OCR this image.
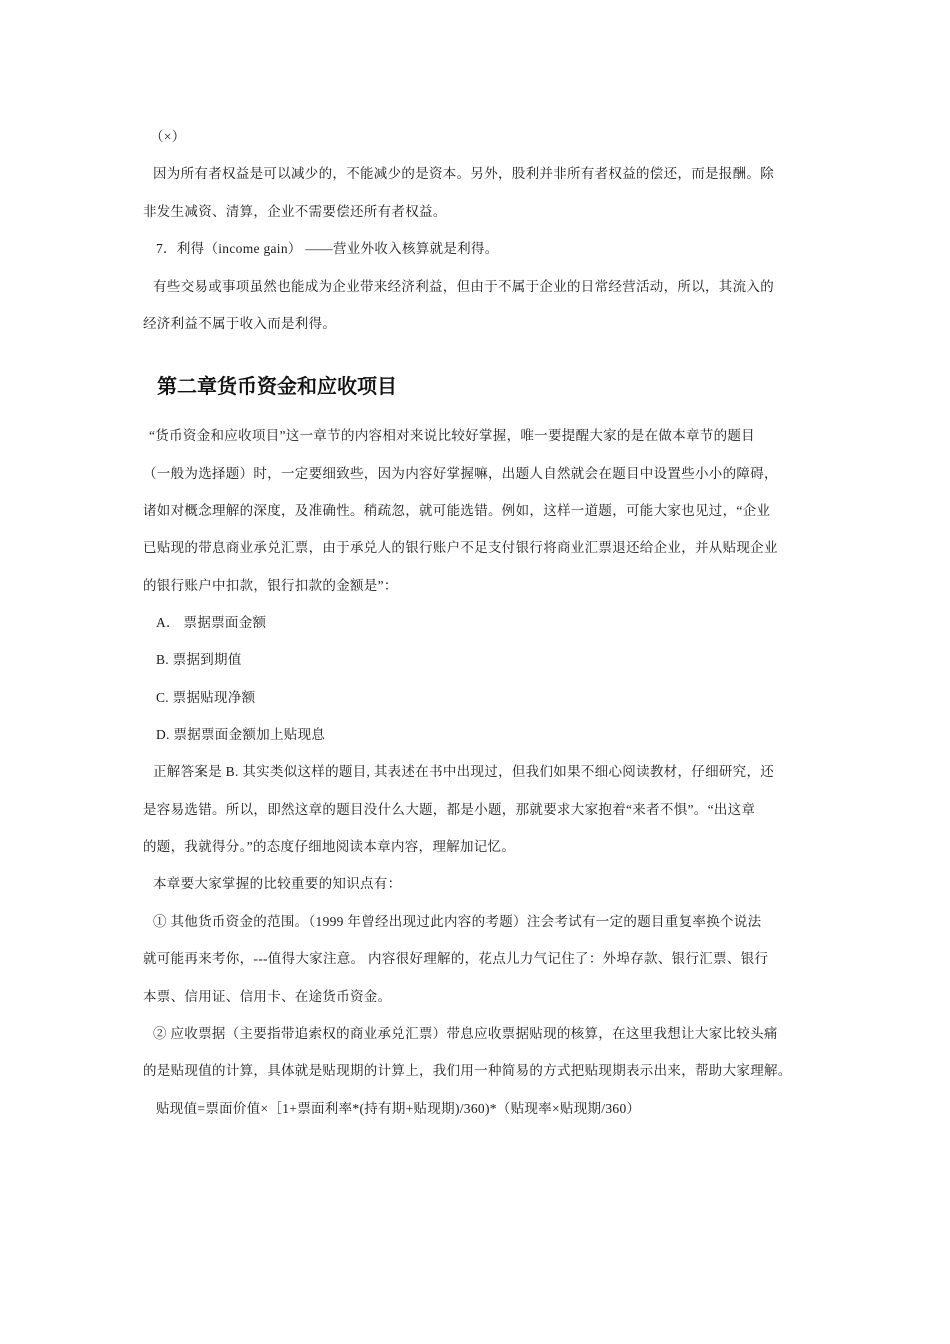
（×）
因为所有者权益是可以减少的，不能减少的是资本。另外，股利并非所有者权益的偿还，而是报酬。除
非发生减资、清算，企业不需要偿还所有者权益。
7．利得（income gain） ——营业外收入核算就是利得。
有些交易或事项虽然也能成为企业带来经济利益，但由于不属于企业的日常经营活动，所以，其流入的
经济利益不属于收入而是利得。
第二章货币资金和应收项目
“货币资金和应收项目”这一章节的内容相对来说比较好掌握，唯一要提醒大家的是在做本章节的题目
（一般为选择题）时，一定要细致些，因为内容好掌握嘛，出题人自然就会在题目中设置些小小的障碍，
诸如对概念理解的深度，及准确性。稍疏忽，就可能选错。例如，这样一道题，可能大家也见过，“企业
已贴现的带息商业承兑汇票，由于承兑人的银行账户不足支付银行将商业汇票退还给企业，并从贴现企业
的银行账户中扣款，银行扣款的金额是”：
A． 票据票面金额
B. 票据到期值
C. 票据贴现净额
D. 票据票面金额加上贴现息
正解答案是 B. 其实类似这样的题目, 其表述在书中出现过，但我们如果不细心阅读教材，仔细研究，还
是容易选错。所以，即然这章的题目没什么大题，都是小题，那就要求大家抱着“来者不惧”。“出这章
的题，我就得分。”的态度仔细地阅读本章内容，理解加记忆。
本章要大家掌握的比较重要的知识点有：
① 其他货币资金的范围。（1999 年曾经出现过此内容的考题）注会考试有一定的题目重复率换个说法
就可能再来考你，---值得大家注意。 内容很好理解的，花点儿力气记住了：外埠存款、银行汇票、银行
本票、信用证、信用卡、在途货币资金。
② 应收票据（主要指带追索权的商业承兑汇票）带息应收票据贴现的核算，在这里我想让大家比较头痛
的是贴现值的计算，具体就是贴现期的计算上，我们用一种简易的方式把贴现期表示出来，帮助大家理解。
贴现值=票面价值×［1+票面利率*(持有期+贴现期)/360)*（贴现率×贴现期/360）
